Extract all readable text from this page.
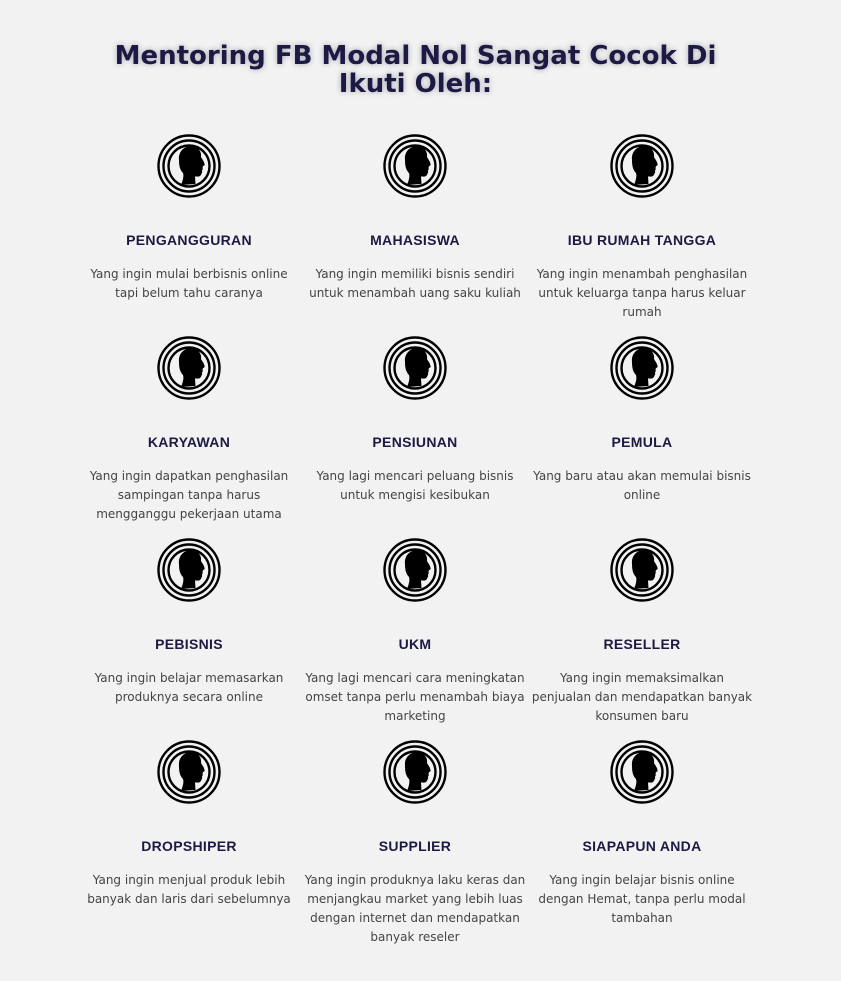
Mentoring FB Modal Nol Sangat Cocok Di
Ikuti Oleh:
PENGANGGURAN

Yang ingin mulai berbisnis online tapi belum tahu caranya

MAHASISWA

Yang ingin memiliki bisnis sendiri untuk menambah uang saku kuliah

IBU RUMAH TANGGA

Yang ingin menambah penghasilan untuk keluarga tanpa harus keluar rumah

KARYAWAN

Yang ingin dapatkan penghasilan sampingan tanpa harus mengganggu pekerjaan utama

PENSIUNAN

Yang lagi mencari peluang bisnis untuk mengisi kesibukan

PEMULA

Yang baru atau akan memulai bisnis online

PEBISNIS

Yang ingin belajar memasarkan produknya secara online

UKM

Yang lagi mencari cara meningkatan omset tanpa perlu menambah biaya marketing

RESELLER

Yang ingin memaksimalkan penjualan dan mendapatkan banyak konsumen baru

DROPSHIPER

Yang ingin menjual produk lebih banyak dan laris dari sebelumnya

SUPPLIER

Yang ingin produknya laku keras dan menjangkau market yang lebih luas dengan internet dan mendapatkan banyak reseler

SIAPAPUN ANDA

Yang ingin belajar bisnis online dengan Hemat, tanpa perlu modal tambahan
